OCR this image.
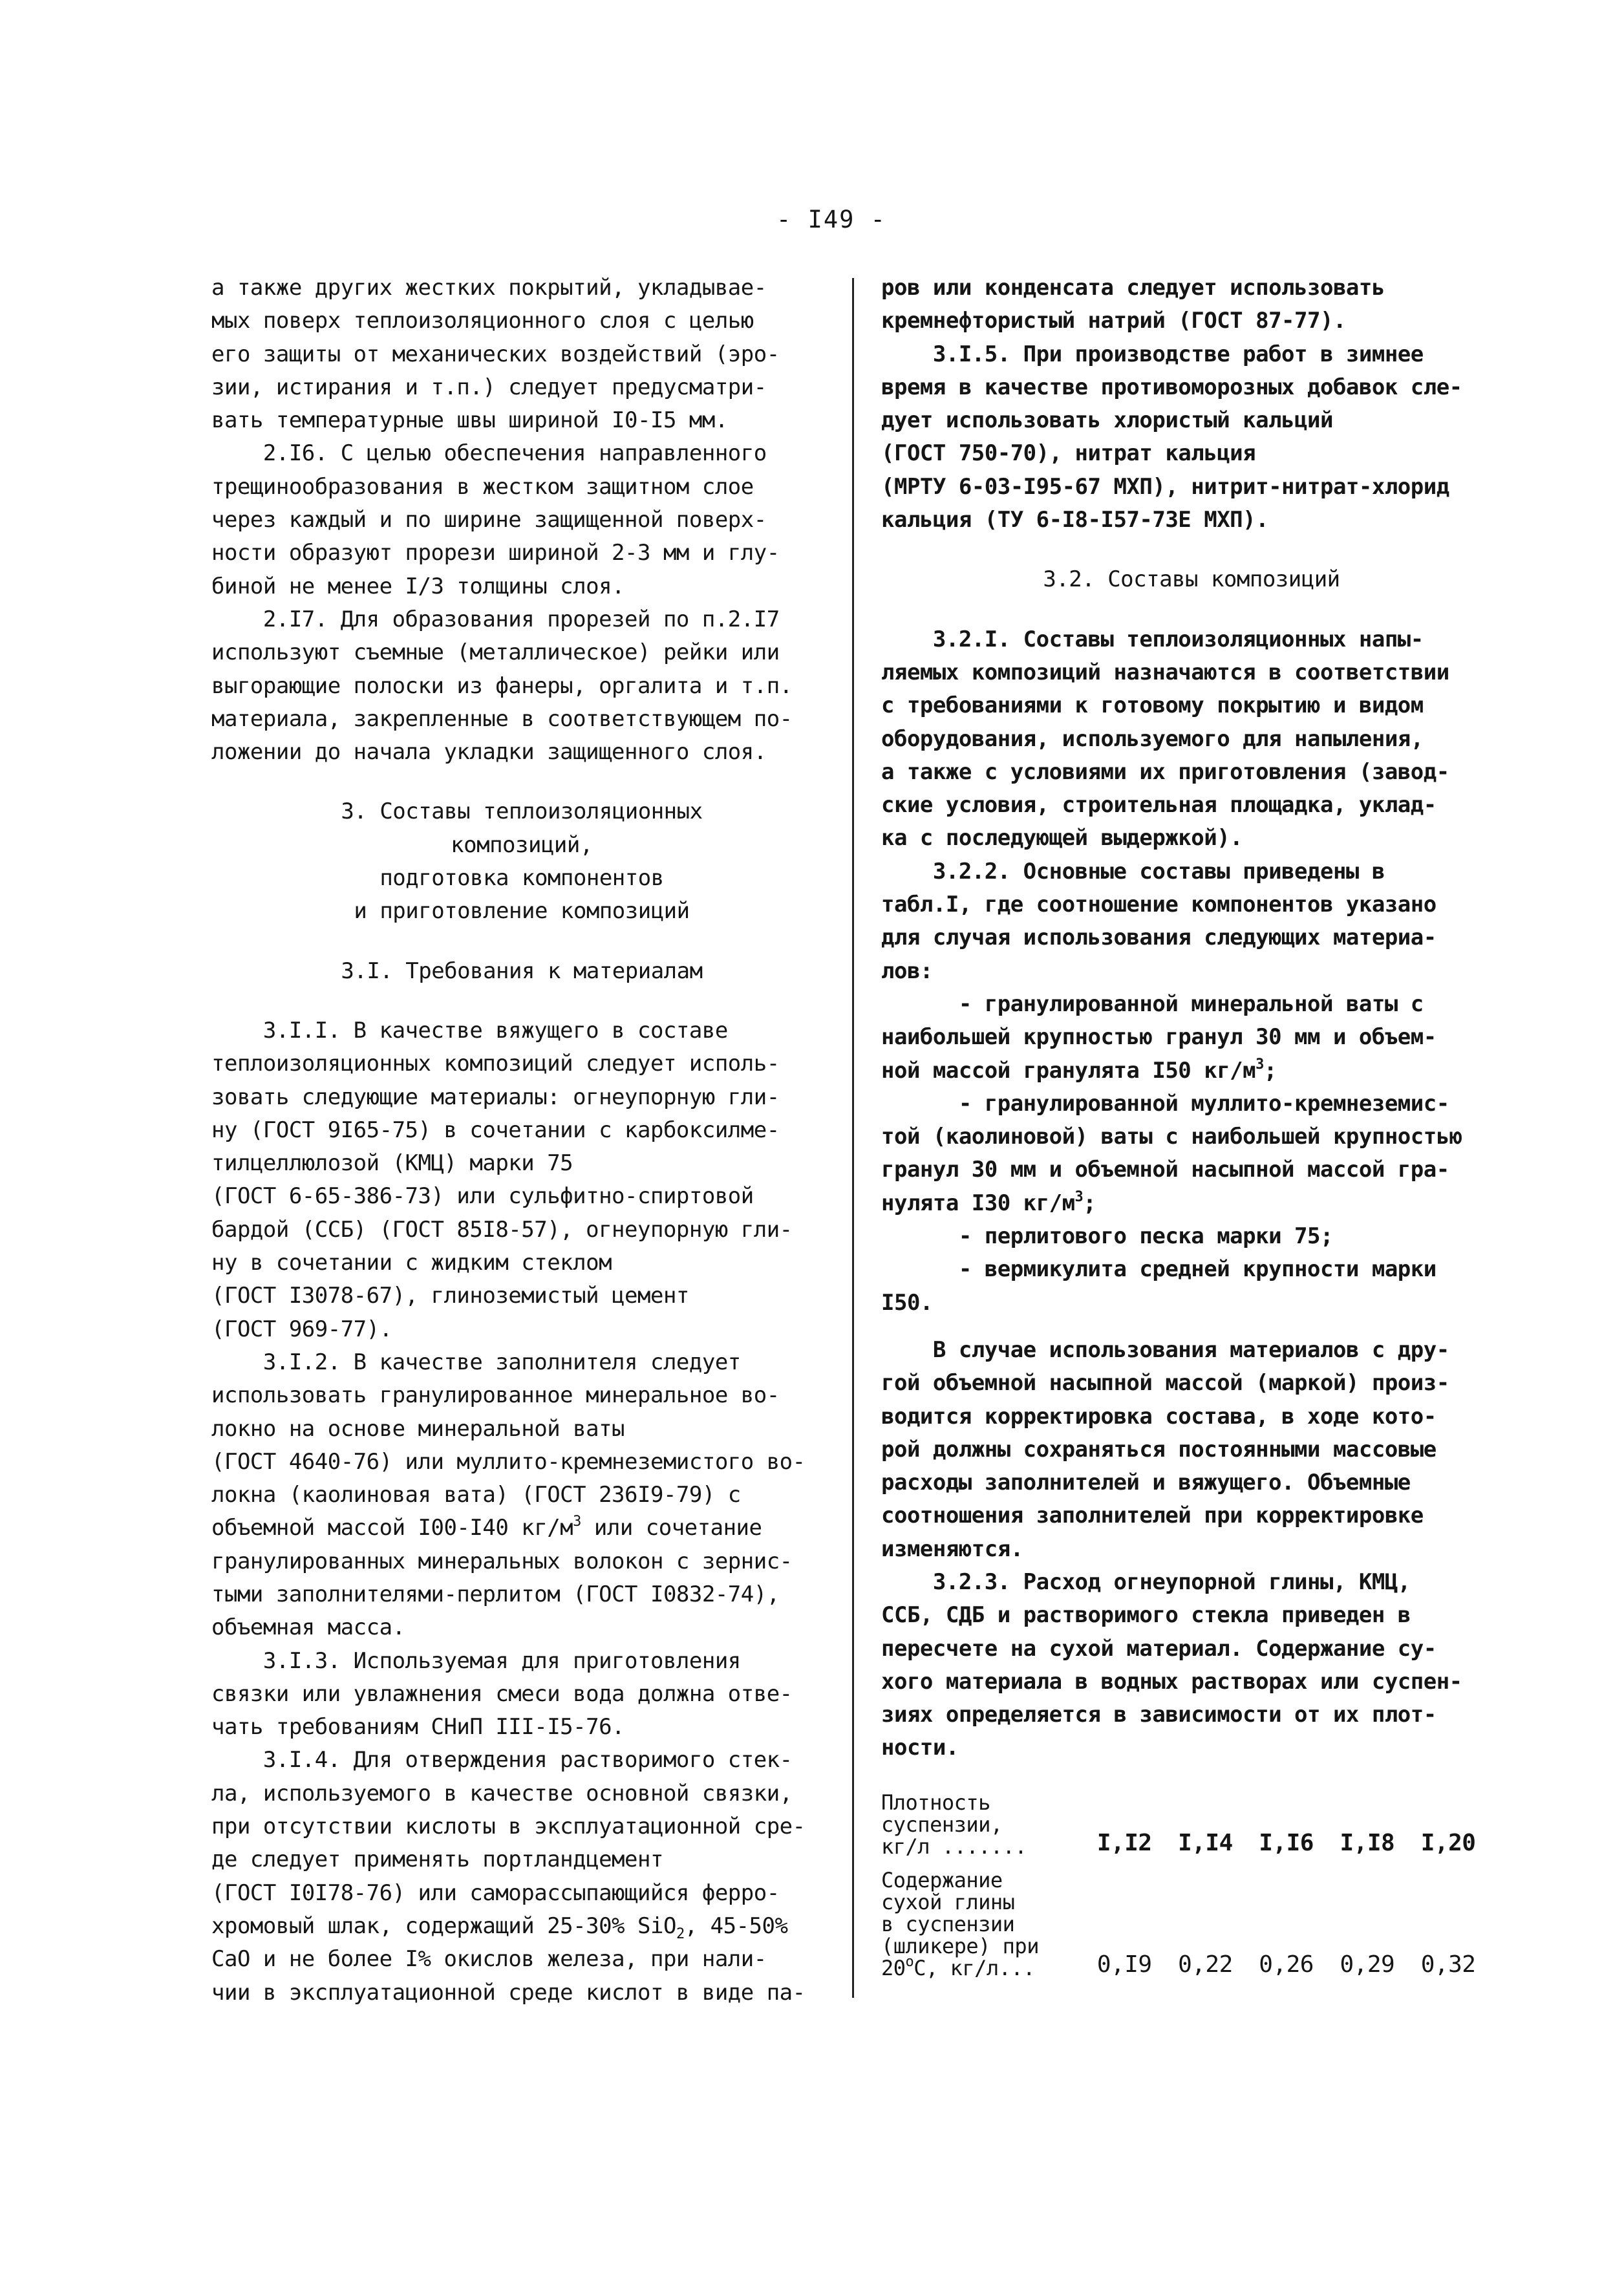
- I49 -
а также других жестких покрытий, укладывае-
мых поверх теплоизоляционного слоя с целью
его защиты от механических воздействий (эро-
зии, истирания и т.п.) следует предусматри-
вать температурные швы шириной I0-I5 мм.
2.I6. С целью обеспечения направленного
трещинообразования в жестком защитном слое
через каждый и по ширине защищенной поверх-
ности образуют прорези шириной 2-3 мм и глу-
биной не менее I/3 толщины слоя.
2.I7. Для образования прорезей по п.2.I7
используют съемные (металлическое) рейки или
выгорающие полоски из фанеры, оргалита и т.п.
материала, закрепленные в соответствующем по-
ложении до начала укладки защищенного слоя.
3. Составы теплоизоляционных
композиций,
подготовка компонентов
и приготовление композиций
3.I. Требования к материалам
3.I.I. В качестве вяжущего в составе
теплоизоляционных композиций следует исполь-
зовать следующие материалы: огнеупорную гли-
ну (ГОСТ 9I65-75) в сочетании с карбоксилме-
тилцеллюлозой (КМЦ) марки 75
(ГОСТ 6-65-386-73) или сульфитно-спиртовой
бардой (ССБ) (ГОСТ 85I8-57), огнеупорную гли-
ну в сочетании с жидким стеклом
(ГОСТ I3078-67), глиноземистый цемент
(ГОСТ 969-77).
3.I.2. В качестве заполнителя следует
использовать гранулированное минеральное во-
локно на основе минеральной ваты
(ГОСТ 4640-76) или муллито-кремнеземистого во-
локна (каолиновая вата) (ГОСТ 236I9-79) с
объемной массой I00-I40 $кг/м^3$ или сочетание
гранулированных минеральных волокон с зернис-
тыми заполнителями-перлитом (ГОСТ I0832-74),
объемная масса.
3.I.3. Используемая для приготовления
связки или увлажнения смеси вода должна отве-
чать требованиям СНиП III-I5-76.
3.I.4. Для отверждения растворимого стек-
ла, используемого в качестве основной связки,
при отсутствии кислоты в эксплуатационной сре-
де следует применять портландцемент
(ГОСТ I0I78-76) или саморассыпающийся ферро-
хромовый шлак, содержащий 25-30% SiO$_2$, 45-50%
CaO и не более I% окислов железа, при нали-
чии в эксплуатационной среде кислот в виде па-
ров или конденсата следует использовать
кремнефтористый натрий (ГОСТ 87-77).
3.I.5. При производстве работ в зимнее
время в качестве противоморозных добавок сле-
дует использовать хлористый кальций
(ГОСТ 750-70), нитрат кальция
(МРТУ 6-03-I95-67 МХП), нитрит-нитрат-хлорид
кальция (ТУ 6-I8-I57-73Е МХП).
3.2. Составы композиций
3.2.I. Составы теплоизоляционных напы-
ляемых композиций назначаются в соответствии
с требованиями к готовому покрытию и видом
оборудования, используемого для напыления,
а также с условиями их приготовления (завод-
ские условия, строительная площадка, уклад-
ка с последующей выдержкой).
3.2.2. Основные составы приведены в
табл.I, где соотношение компонентов указано
для случая использования следующих материа-
лов:
- гранулированной минеральной ваты с
наибольшей крупностью гранул 30 мм и объем-
ной массой гранулята I50 $кг/м^3$;
- гранулированной муллито-кремнеземис-
той (каолиновой) ваты с наибольшей крупностью
гранул 30 мм и объемной насыпной массой гра-
нулята I30 $кг/м^3$;
- перлитового песка марки 75;
- вермикулита средней крупности марки
I50.
В случае использования материалов с дру-
гой объемной насыпной массой (маркой) произ-
водится корректировка состава, в ходе кото-
рой должны сохраняться постоянными массовые
расходы заполнителей и вяжущего. Объемные
соотношения заполнителей при корректировке
изменяются.
3.2.3. Расход огнеупорной глины, КМЦ,
ССБ, СДБ и растворимого стекла приведен в
пересчете на сухой материал. Содержание су-
хого материала в водных растворах или суспен-
зиях определяется в зависимости от их плот-
ности.
Плотность
суспензии,
кг/л .......	I,I2	I,I4	I,I6	I,I8	I,20
Содержание
сухой глины
в суспензии
(шликере) при
$20^оС$, кг/л...	0,I9	0,22	0,26	0,29	0,32
